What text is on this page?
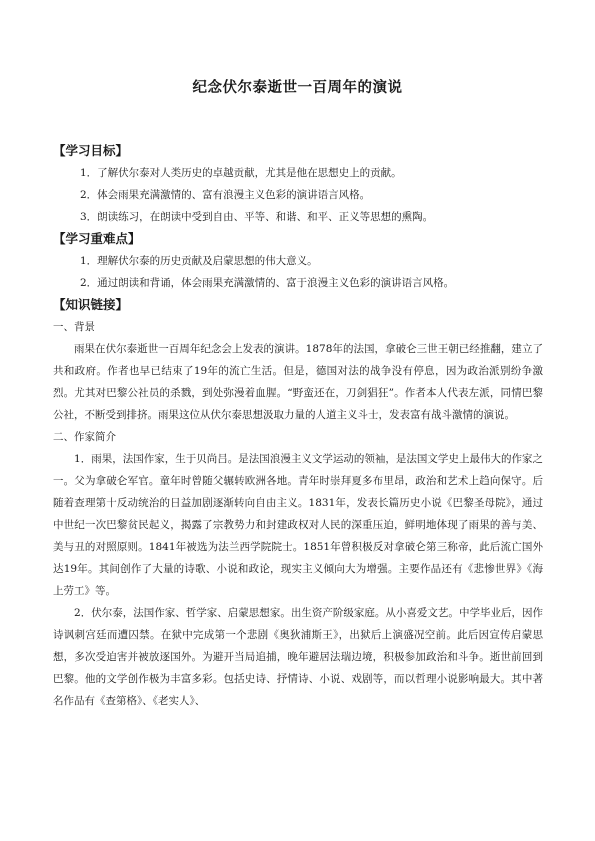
纪念伏尔泰逝世一百周年的演说

【学习目标】

1．了解伏尔泰对人类历史的卓越贡献，尤其是他在思想史上的贡献。

2．体会雨果充满激情的、富有浪漫主义色彩的演讲语言风格。

3．朗读练习，在朗读中受到自由、平等、和谐、和平、正义等思想的熏陶。

【学习重难点】

1．理解伏尔泰的历史贡献及启蒙思想的伟大意义。

2．通过朗读和背诵，体会雨果充满激情的、富于浪漫主义色彩的演讲语言风格。

【知识链接】

一、背景

雨果在伏尔泰逝世一百周年纪念会上发表的演讲。1878年的法国，拿破仑三世王朝已经推翻，建立了共和政府。作者也早已结束了19年的流亡生活。但是，德国对法的战争没有停息，因为政治派别纷争激烈。尤其对巴黎公社员的杀戮，到处弥漫着血腥。“野蛮还在，刀剑猖狂”。作者本人代表左派，同情巴黎公社，不断受到排挤。雨果这位从伏尔泰思想汲取力量的人道主义斗士，发表富有战斗激情的演说。

二、作家简介

1．雨果，法国作家，生于贝尚吕。是法国浪漫主义文学运动的领袖，是法国文学史上最伟大的作家之一。父为拿破仑军官。童年时曾随父辗转欧洲各地。青年时崇拜夏多布里昂，政治和艺术上趋向保守。后随着查理第十反动统治的日益加剧逐渐转向自由主义。1831年，发表长篇历史小说《巴黎圣母院》，通过中世纪一次巴黎贫民起义，揭露了宗教势力和封建政权对人民的深重压迫，鲜明地体现了雨果的善与美、美与丑的对照原则。1841年被选为法兰西学院院士。1851年曾积极反对拿破仑第三称帝，此后流亡国外达19年。其间创作了大量的诗歌、小说和政论，现实主义倾向大为增强。主要作品还有《悲惨世界》《海上劳工》等。

2．伏尔泰，法国作家、哲学家、启蒙思想家。出生资产阶级家庭。从小喜爱文艺。中学毕业后，因作诗讽刺宫廷而遭囚禁。在狱中完成第一个悲剧《奥狄浦斯王》，出狱后上演盛况空前。此后因宣传启蒙思想，多次受迫害并被放逐国外。为避开当局追捕，晚年避居法瑞边境，积极参加政治和斗争。逝世前回到巴黎。他的文学创作极为丰富多彩。包括史诗、抒情诗、小说、戏剧等，而以哲理小说影响最大。其中著名作品有《查第格》、《老实人》、
